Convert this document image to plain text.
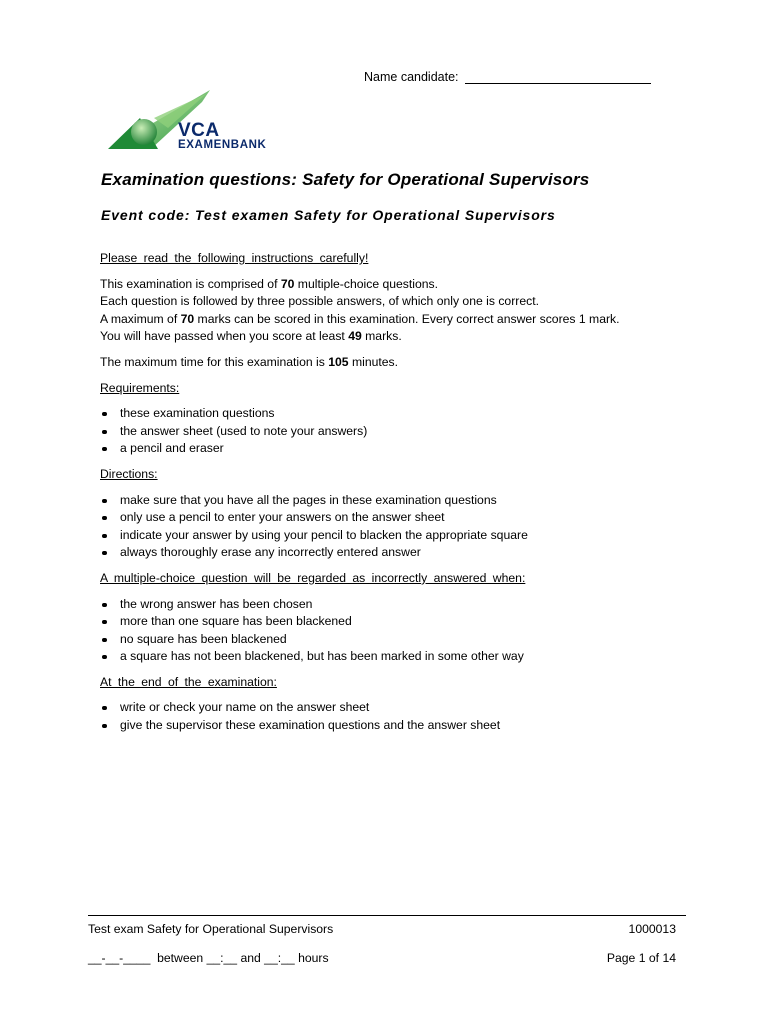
Name candidate:
VCA
EXAMENBANK
Examination questions: Safety for Operational Supervisors
Event code: Test examen Safety for Operational Supervisors

Please read the following instructions carefully!

This examination is comprised of 70 multiple-choice questions.
Each question is followed by three possible answers, of which only one is correct.
A maximum of 70 marks can be scored in this examination. Every correct answer scores 1 mark.
You will have passed when you score at least 49 marks.

The maximum time for this examination is 105 minutes.

Requirements:

these examination questions
the answer sheet (used to note your answers)
a pencil and eraser

Directions:

make sure that you have all the pages in these examination questions
only use a pencil to enter your answers on the answer sheet
indicate your answer by using your pencil to blacken the appropriate square
always thoroughly erase any incorrectly entered answer

A multiple-choice question will be regarded as incorrectly answered when:

the wrong answer has been chosen
more than one square has been blackened
no square has been blackened
a square has not been blackened, but has been marked in some other way

At the end of the examination:

write or check your name on the answer sheet
give the supervisor these examination questions and the answer sheet
Test exam Safety for Operational Supervisors	1000013
__-__-____  between __:__ and __:__ hours	Page 1 of 14
